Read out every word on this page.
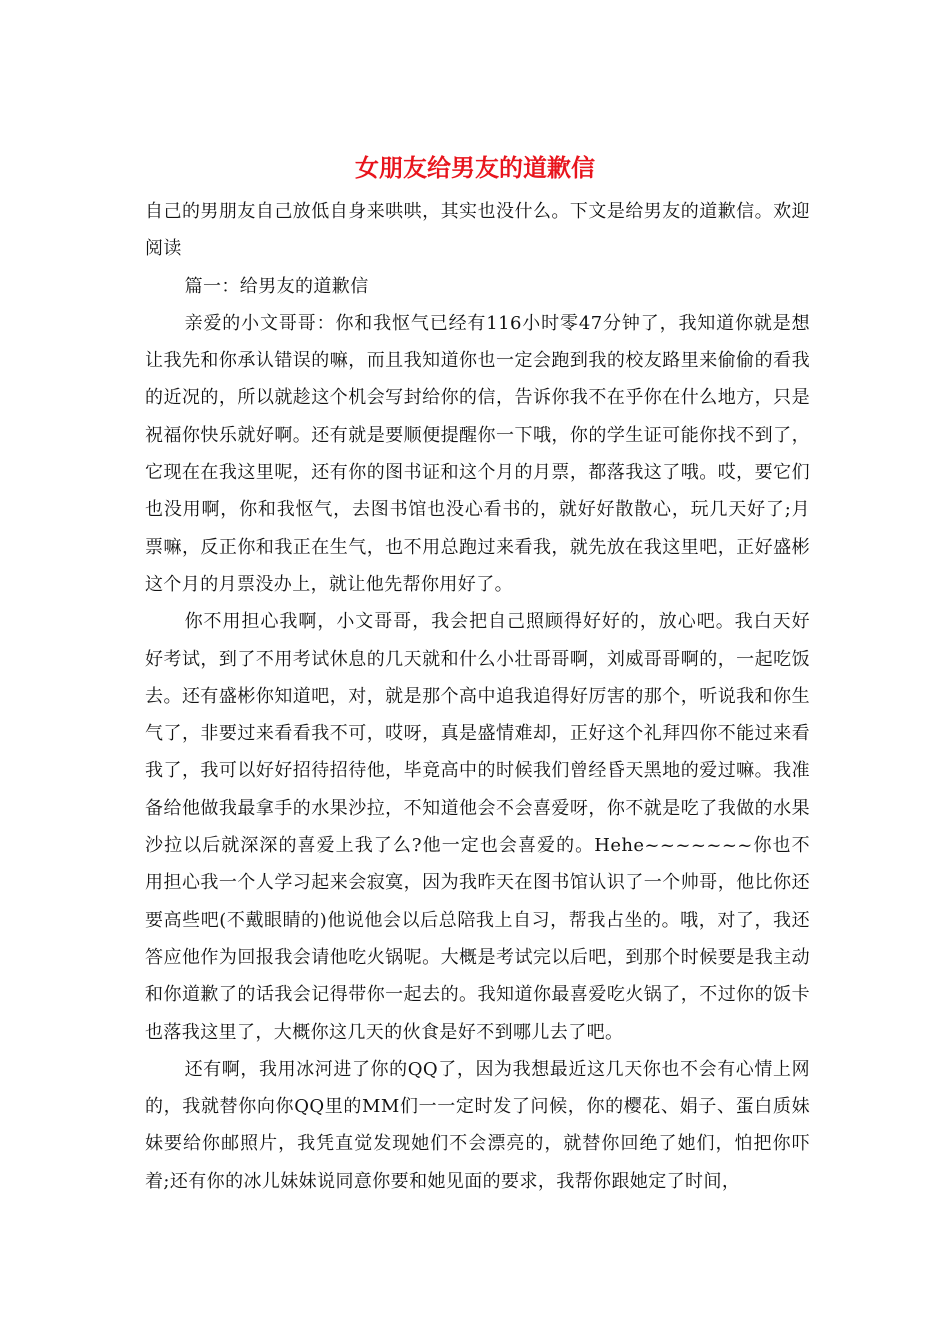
女朋友给男友的道歉信

自己的男朋友自己放低自身来哄哄，其实也没什么。下文是给男友的道歉信。欢迎阅读

篇一：给男友的道歉信

亲爱的小文哥哥：你和我怄气已经有116小时零47分钟了，我知道你就是想让我先和你承认错误的嘛，而且我知道你也一定会跑到我的校友路里来偷偷的看我的近况的，所以就趁这个机会写封给你的信，告诉你我不在乎你在什么地方，只是祝福你快乐就好啊。还有就是要顺便提醒你一下哦，你的学生证可能你找不到了，它现在在我这里呢，还有你的图书证和这个月的月票，都落我这了哦。哎，要它们也没用啊，你和我怄气，去图书馆也没心看书的，就好好散散心，玩几天好了;月票嘛，反正你和我正在生气，也不用总跑过来看我，就先放在我这里吧，正好盛彬这个月的月票没办上，就让他先帮你用好了。

你不用担心我啊，小文哥哥，我会把自己照顾得好好的，放心吧。我白天好好考试，到了不用考试休息的几天就和什么小壮哥哥啊，刘威哥哥啊的，一起吃饭去。还有盛彬你知道吧，对，就是那个高中追我追得好厉害的那个，听说我和你生气了，非要过来看看我不可，哎呀，真是盛情难却，正好这个礼拜四你不能过来看我了，我可以好好招待招待他，毕竟高中的时候我们曾经昏天黑地的爱过嘛。我准备给他做我最拿手的水果沙拉，不知道他会不会喜爱呀，你不就是吃了我做的水果沙拉以后就深深的喜爱上我了么?他一定也会喜爱的。Hehe~~~~~~~你也不用担心我一个人学习起来会寂寞，因为我昨天在图书馆认识了一个帅哥，他比你还要高些吧(不戴眼睛的)他说他会以后总陪我上自习，帮我占坐的。哦，对了，我还答应他作为回报我会请他吃火锅呢。大概是考试完以后吧，到那个时候要是我主动和你道歉了的话我会记得带你一起去的。我知道你最喜爱吃火锅了，不过你的饭卡也落我这里了，大概你这几天的伙食是好不到哪儿去了吧。

还有啊，我用冰河进了你的QQ了，因为我想最近这几天你也不会有心情上网的，我就替你向你QQ里的MM们一一定时发了问候，你的樱花、娟子、蛋白质妹妹要给你邮照片，我凭直觉发现她们不会漂亮的，就替你回绝了她们，怕把你吓着;还有你的冰儿妹妹说同意你要和她见面的要求，我帮你跟她定了时间，
